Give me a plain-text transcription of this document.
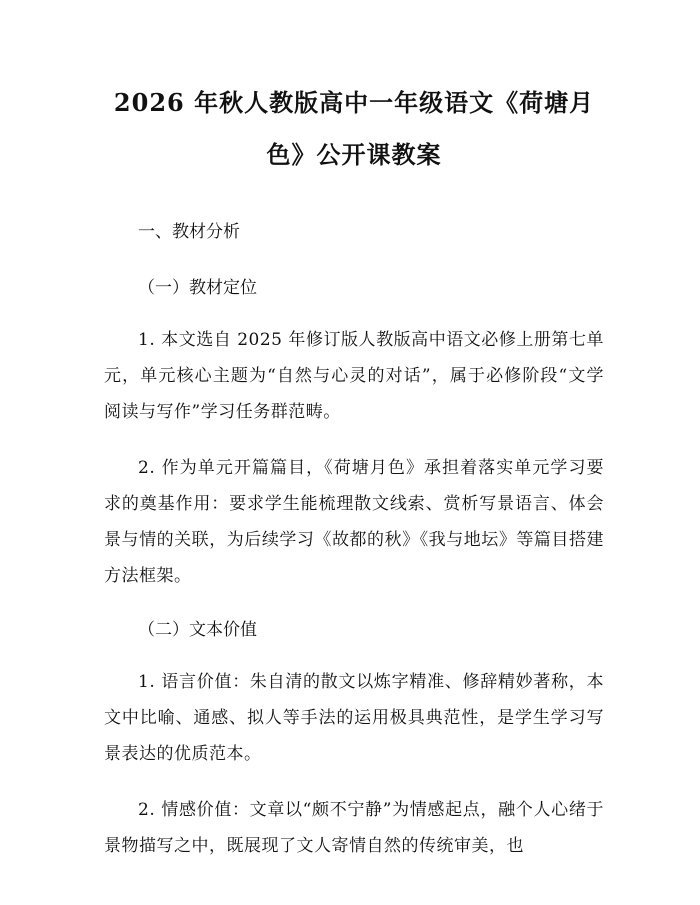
2026 年秋人教版高中一年级语文《荷塘月
色》公开课教案

一、教材分析

（一）教材定位

1. 本文选自 2025 年修订版人教版高中语文必修上册第七单元，单元核心主题为“自然与心灵的对话”，属于必修阶段“文学阅读与写作”学习任务群范畴。

2. 作为单元开篇篇目，《荷塘月色》承担着落实单元学习要求的奠基作用：要求学生能梳理散文线索、赏析写景语言、体会景与情的关联，为后续学习《故都的秋》《我与地坛》等篇目搭建方法框架。

（二）文本价值

1. 语言价值：朱自清的散文以炼字精准、修辞精妙著称，本文中比喻、通感、拟人等手法的运用极具典范性，是学生学习写景表达的优质范本。

2. 情感价值：文章以“颇不宁静”为情感起点，融个人心绪于景物描写之中，既展现了文人寄情自然的传统审美，也
